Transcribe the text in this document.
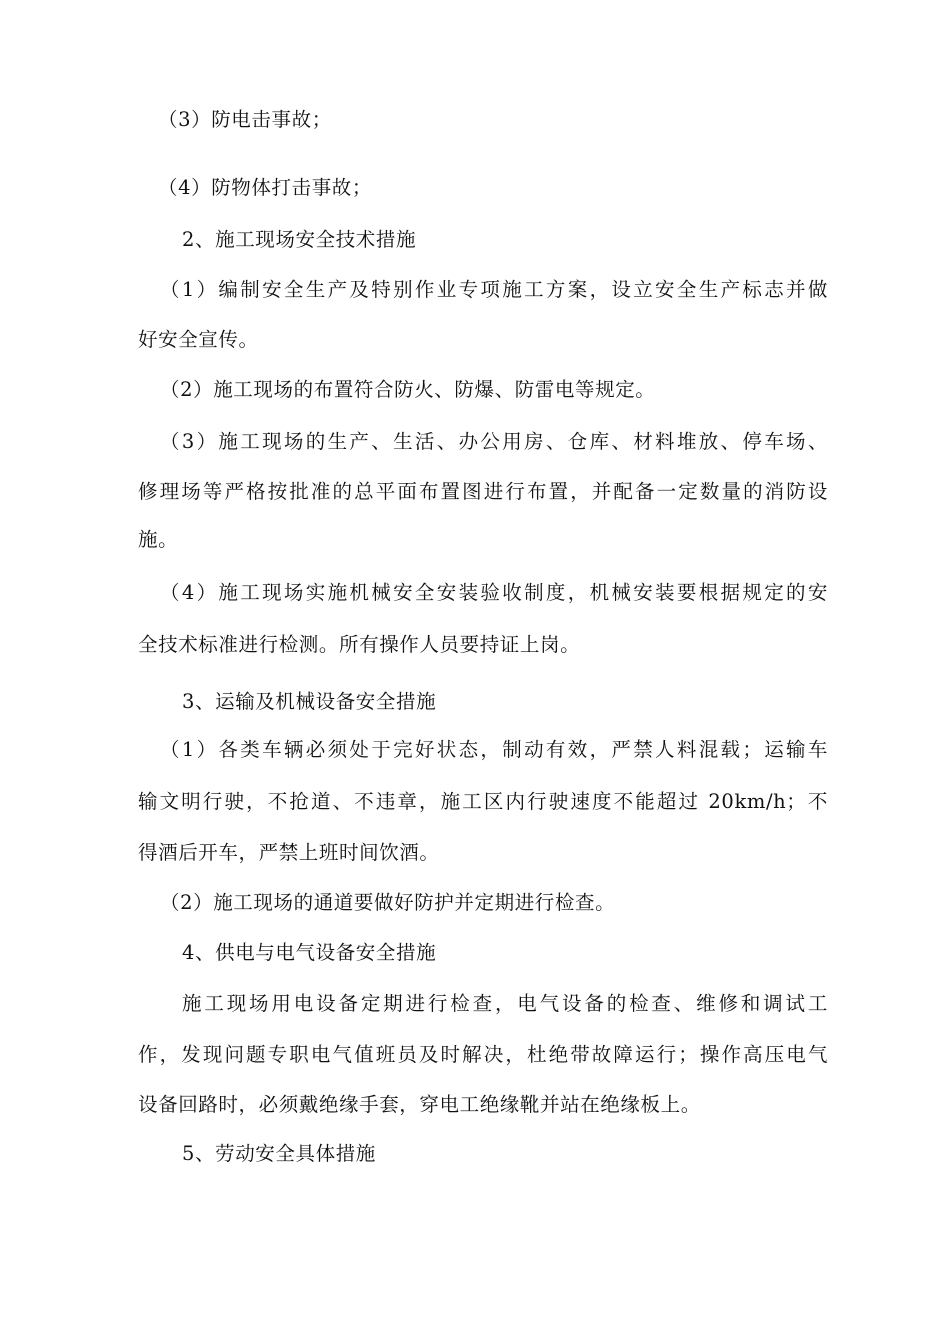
（3）防电击事故；
（4）防物体打击事故；
2、施工现场安全技术措施
（1）编制安全生产及特别作业专项施工方案，设立安全生产标志并做
好安全宣传。
（2）施工现场的布置符合防火、防爆、防雷电等规定。
（3）施工现场的生产、生活、办公用房、仓库、材料堆放、停车场、
修理场等严格按批准的总平面布置图进行布置，并配备一定数量的消防设
施。
（4）施工现场实施机械安全安装验收制度，机械安装要根据规定的安
全技术标准进行检测。所有操作人员要持证上岗。
3、运输及机械设备安全措施
（1）各类车辆必须处于完好状态，制动有效，严禁人料混载；运输车
输文明行驶，不抢道、不违章，施工区内行驶速度不能超过 20km/h；不
得酒后开车，严禁上班时间饮酒。
（2）施工现场的通道要做好防护并定期进行检查。
4、供电与电气设备安全措施
施工现场用电设备定期进行检查，电气设备的检查、维修和调试工
作，发现问题专职电气值班员及时解决，杜绝带故障运行；操作高压电气
设备回路时，必须戴绝缘手套，穿电工绝缘靴并站在绝缘板上。
5、劳动安全具体措施
